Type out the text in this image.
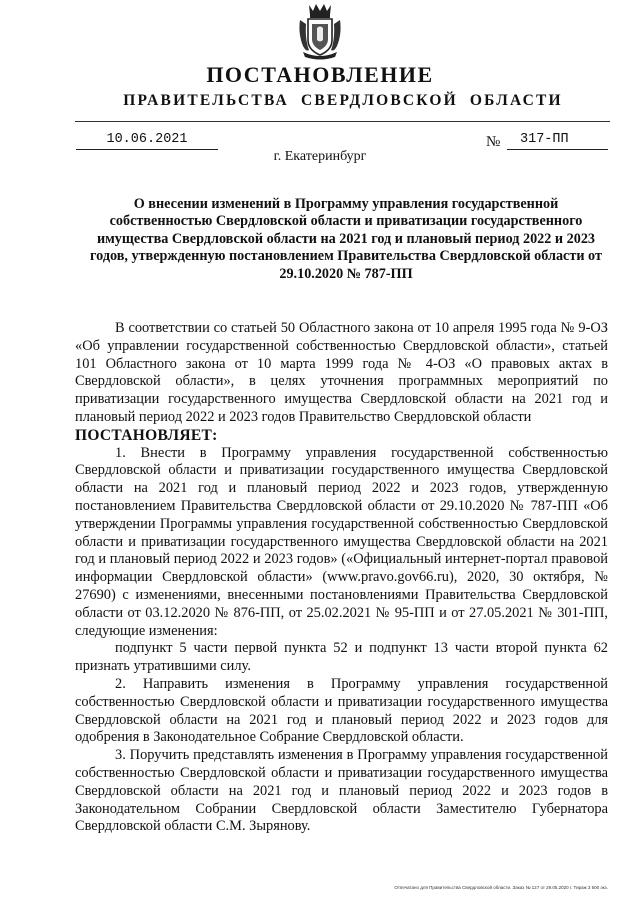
ПОСТАНОВЛЕНИЕ
ПРАВИТЕЛЬСТВА СВЕРДЛОВСКОЙ ОБЛАСТИ
10.06.2021	№	317-ПП
г. Екатеринбург
О внесении изменений в Программу управления государственной собственностью Свердловской области и приватизации государственного имущества Свердловской области на 2021 год и плановый период 2022 и 2023 годов, утвержденную постановлением Правительства Свердловской области от 29.10.2020 № 787-ПП

В соответствии со статьей 50 Областного закона от 10 апреля 1995 года № 9-ОЗ «Об управлении государственной собственностью Свердловской области», статьей 101 Областного закона от 10 марта 1999 года № 4-ОЗ «О правовых актах в Свердловской области», в целях уточнения программных мероприятий по приватизации государственного имущества Свердловской области на 2021 год и плановый период 2022 и 2023 годов Правительство Свердловской области

ПОСТАНОВЛЯЕТ:

1. Внести в Программу управления государственной собственностью Свердловской области и приватизации государственного имущества Свердловской области на 2021 год и плановый период 2022 и 2023 годов, утвержденную постановлением Правительства Свердловской области от 29.10.2020 № 787-ПП «Об утверждении Программы управления государственной собственностью Свердловской области и приватизации государственного имущества Свердловской области на 2021 год и плановый период 2022 и 2023 годов» («Официальный интернет-портал правовой информации Свердловской области» (www.pravo.gov66.ru), 2020, 30 октября, № 27690) с изменениями, внесенными постановлениями Правительства Свердловской области от 03.12.2020 № 876-ПП, от 25.02.2021 № 95-ПП и от 27.05.2021 № 301-ПП, следующие изменения:

подпункт 5 части первой пункта 52 и подпункт 13 части второй пункта 62 признать утратившими силу.

2. Направить изменения в Программу управления государственной собственностью Свердловской области и приватизации государственного имущества Свердловской области на 2021 год и плановый период 2022 и 2023 годов для одобрения в Законодательное Собрание Свердловской области.

3. Поручить представлять изменения в Программу управления государственной собственностью Свердловской области и приватизации государственного имущества Свердловской области на 2021 год и плановый период 2022 и 2023 годов в Законодательном Собрании Свердловской области Заместителю Губернатора Свердловской области С.М. Зырянову.

Отпечатано для Правительства Свердловской области. Заказ № 127 от 29.05.2020 г. Тираж 3 500 экз.
